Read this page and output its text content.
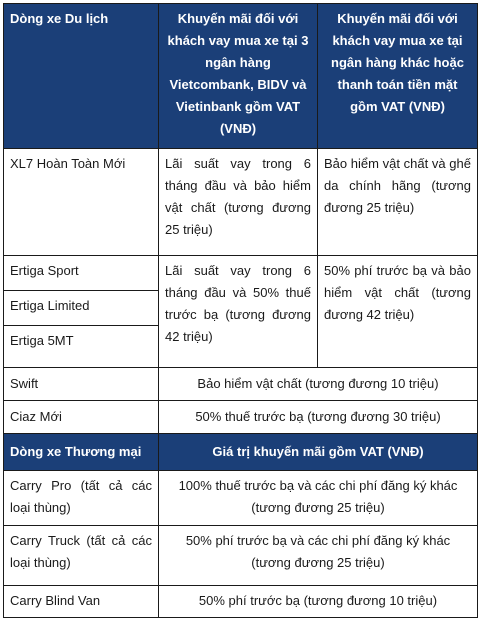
Dòng xe Du lịch	Khuyến mãi đối với khách vay mua xe tại 3 ngân hàng Vietcombank, BIDV và Vietinbank gồm VAT (VNĐ)	Khuyến mãi đối với khách vay mua xe tại ngân hàng khác hoặc thanh toán tiền mặt gồm VAT (VNĐ)
XL7 Hoàn Toàn Mới	Lãi suất vay trong 6 tháng đầu và bảo hiểm vật chất (tương đương 25 triệu)	Bảo hiểm vật chất và ghế da chính hãng (tương đương 25 triệu)
Ertiga Sport	Lãi suất vay trong 6 tháng đầu và 50% thuế trước bạ (tương đương 42 triệu)	50% phí trước bạ và bảo hiểm vật chất (tương đương 42 triệu)
Ertiga Limited		
Ertiga 5MT		
Swift	Bảo hiểm vật chất (tương đương 10 triệu)	
Ciaz Mới	50% thuế trước bạ (tương đương 30 triệu)	
Dòng xe Thương mại	Giá trị khuyến mãi gồm VAT (VNĐ)	
Carry Pro (tất cả các loại thùng)	100% thuế trước bạ và các chi phí đăng ký khác (tương đương 25 triệu)	
Carry Truck (tất cả các loại thùng)	50% phí trước bạ và các chi phí đăng ký khác (tương đương 25 triệu)	
Carry Blind Van	50% phí trước bạ (tương đương 10 triệu)	
